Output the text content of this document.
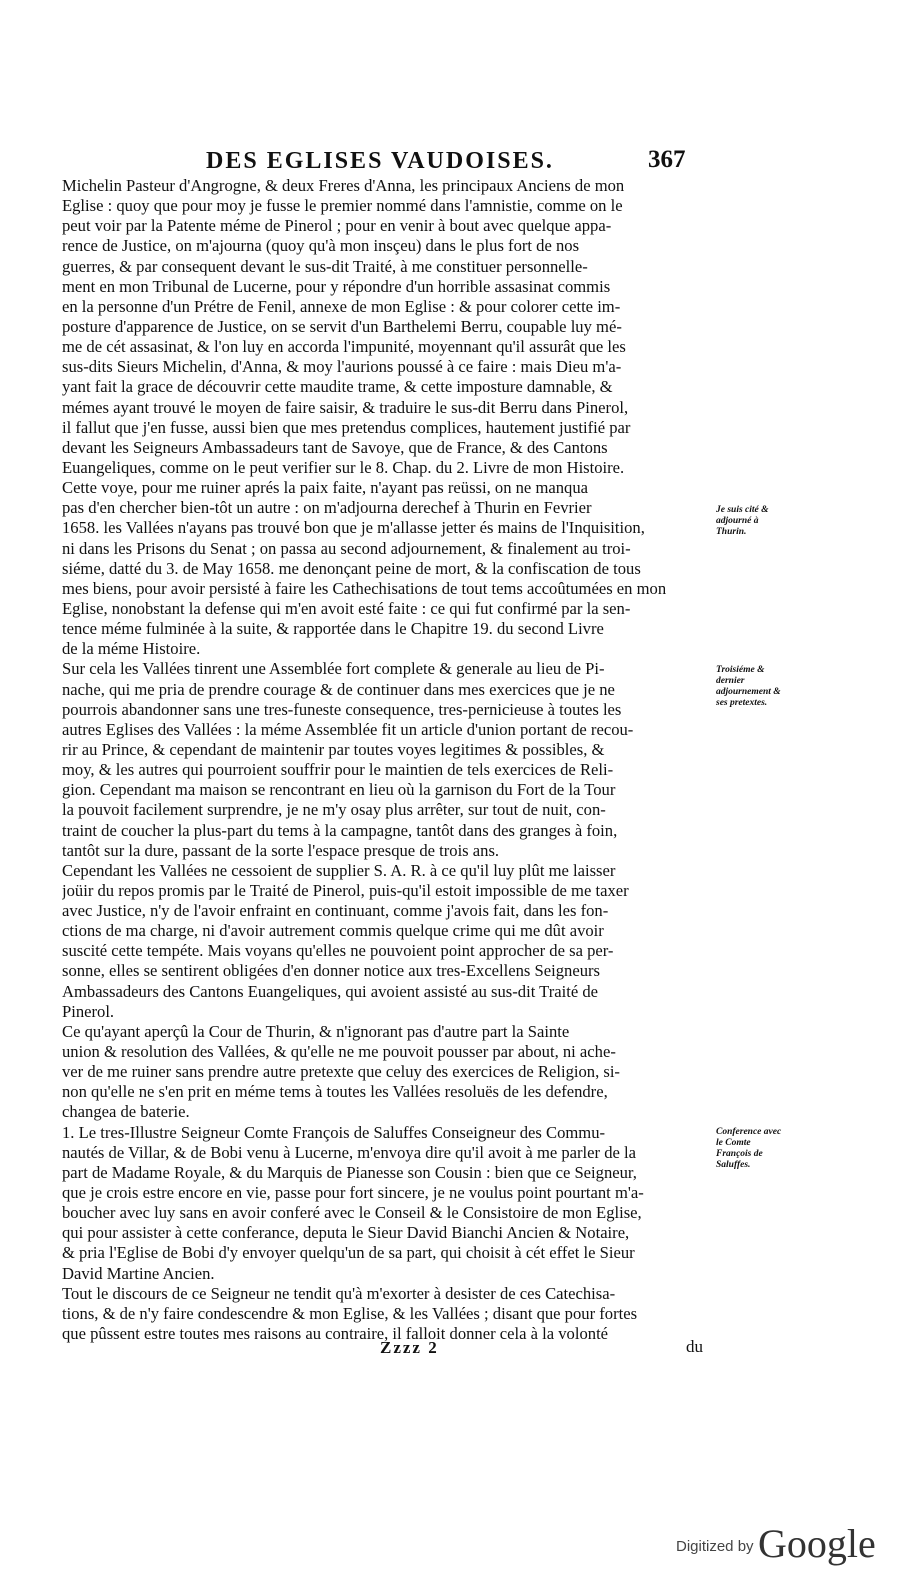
DES EGLISES VAUDOISES.	367
Michelin Pasteur d'Angrogne, & deux Freres d'Anna, les principaux Anciens de mon
Eglise : quoy que pour moy je fusse le premier nommé dans l'amnistie, comme on le
peut voir par la Patente méme de Pinerol ; pour en venir à bout avec quelque appa-
rence de Justice, on m'ajourna (quoy qu'à mon insçeu) dans le plus fort de nos
guerres, & par consequent devant le sus-dit Traité, à me constituer personnelle-
ment en mon Tribunal de Lucerne, pour y répondre d'un horrible assasinat commis
en la personne d'un Prétre de Fenil, annexe de mon Eglise : & pour colorer cette im-
posture d'apparence de Justice, on se servit d'un Barthelemi Berru, coupable luy mé-
me de cét assasinat, & l'on luy en accorda l'impunité, moyennant qu'il assurât que les
sus-dits Sieurs Michelin, d'Anna, & moy l'aurions poussé à ce faire : mais Dieu m'a-
yant fait la grace de découvrir cette maudite trame, & cette imposture damnable, &
mémes ayant trouvé le moyen de faire saisir, & traduire le sus-dit Berru dans Pinerol,
il fallut que j'en fusse, aussi bien que mes pretendus complices, hautement justifié par
devant les Seigneurs Ambassadeurs tant de Savoye, que de France, & des Cantons
Euangeliques, comme on le peut verifier sur le 8. Chap. du 2. Livre de mon Histoire.
Cette voye, pour me ruiner aprés la paix faite, n'ayant pas reüssi, on ne manqua
pas d'en chercher bien-tôt un autre : on m'adjourna derechef à Thurin en Fevrier
1658. les Vallées n'ayans pas trouvé bon que je m'allasse jetter és mains de l'Inquisition,
ni dans les Prisons du Senat ; on passa au second adjournement, & finalement au troi-
siéme, datté du 3. de May 1658. me denonçant peine de mort, & la confiscation de tous
mes biens, pour avoir persisté à faire les Cathechisations de tout tems accoûtumées en mon
Eglise, nonobstant la defense qui m'en avoit esté faite : ce qui fut confirmé par la sen-
tence méme fulminée à la suite, & rapportée dans le Chapitre 19. du second Livre
de la méme Histoire.
Sur cela les Vallées tinrent une Assemblée fort complete & generale au lieu de Pi-
nache, qui me pria de prendre courage & de continuer dans mes exercices que je ne
pourrois abandonner sans une tres-funeste consequence, tres-pernicieuse à toutes les
autres Eglises des Vallées : la méme Assemblée fit un article d'union portant de recou-
rir au Prince, & cependant de maintenir par toutes voyes legitimes & possibles, &
moy, & les autres qui pourroient souffrir pour le maintien de tels exercices de Reli-
gion. Cependant ma maison se rencontrant en lieu où la garnison du Fort de la Tour
la pouvoit facilement surprendre, je ne m'y osay plus arrêter, sur tout de nuit, con-
traint de coucher la plus-part du tems à la campagne, tantôt dans des granges à foin,
tantôt sur la dure, passant de la sorte l'espace presque de trois ans.
Cependant les Vallées ne cessoient de supplier S. A. R. à ce qu'il luy plût me laisser
joüir du repos promis par le Traité de Pinerol, puis-qu'il estoit impossible de me taxer
avec Justice, n'y de l'avoir enfraint en continuant, comme j'avois fait, dans les fon-
ctions de ma charge, ni d'avoir autrement commis quelque crime qui me dût avoir
suscité cette tempéte. Mais voyans qu'elles ne pouvoient point approcher de sa per-
sonne, elles se sentirent obligées d'en donner notice aux tres-Excellens Seigneurs
Ambassadeurs des Cantons Euangeliques, qui avoient assisté au sus-dit Traité de
Pinerol.
Ce qu'ayant aperçû la Cour de Thurin, & n'ignorant pas d'autre part la Sainte
union & resolution des Vallées, & qu'elle ne me pouvoit pousser par about, ni ache-
ver de me ruiner sans prendre autre pretexte que celuy des exercices de Religion, si-
non qu'elle ne s'en prit en méme tems à toutes les Vallées resoluës de les defendre,
changea de baterie.
1. Le tres-Illustre Seigneur Comte François de Saluffes Conseigneur des Commu-
nautés de Villar, & de Bobi venu à Lucerne, m'envoya dire qu'il avoit à me parler de la
part de Madame Royale, & du Marquis de Pianesse son Cousin : bien que ce Seigneur,
que je crois estre encore en vie, passe pour fort sincere, je ne voulus point pourtant m'a-
boucher avec luy sans en avoir conferé avec le Conseil & le Consistoire de mon Eglise,
qui pour assister à cette conferance, deputa le Sieur David Bianchi Ancien & Notaire,
& pria l'Eglise de Bobi d'y envoyer quelqu'un de sa part, qui choisit à cét effet le Sieur
David Martine Ancien.
Tout le discours de ce Seigneur ne tendit qu'à m'exorter à desister de ces Catechisa-
tions, & de n'y faire condescendre & mon Eglise, & les Vallées ; disant que pour fortes
que pûssent estre toutes mes raisons au contraire, il falloit donner cela à la volonté
Je suis cité & adjourné à Thurin.
Troisiéme & dernier adjournement & ses pretextes.
Conference avec le Comte François de Saluffes.
Zzzz 2	du
Digitized by Google
